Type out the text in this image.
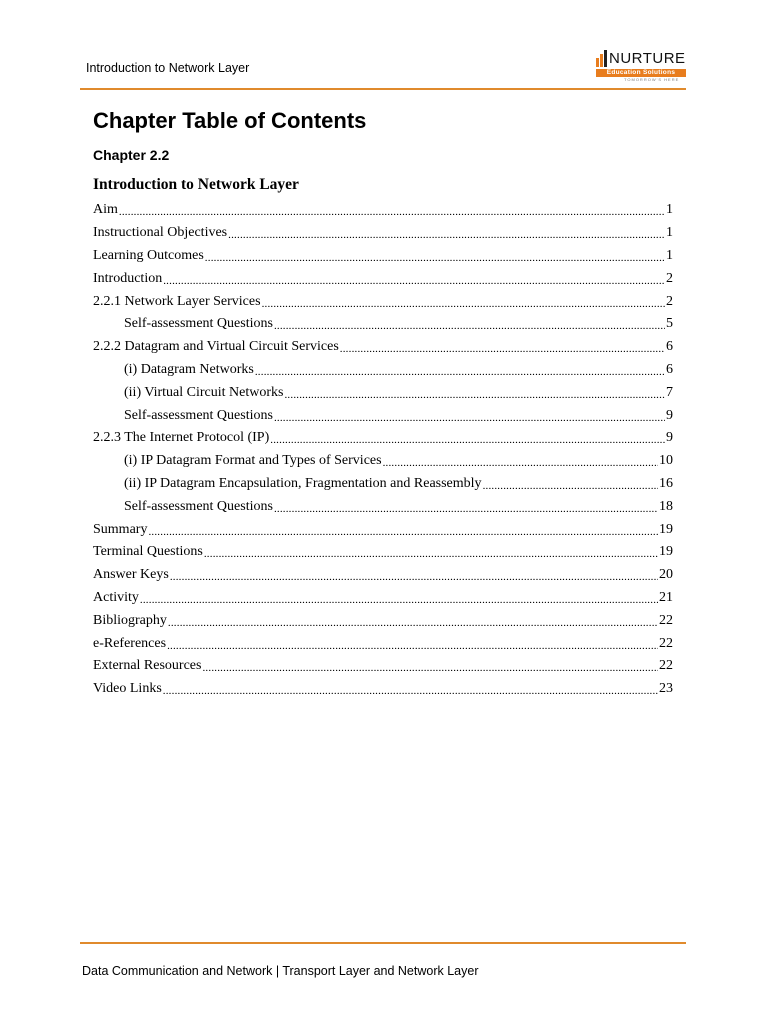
Introduction to Network Layer
NURTURE
Education Solutions
TOMORROW'S HERE
Chapter Table of Contents
Chapter 2.2
Introduction to Network Layer
Aim .....	1
Instructional Objectives .....	1
Learning Outcomes .....	1
Introduction .....	2
2.2.1 Network Layer Services .....	2
Self-assessment Questions .....	5
2.2.2 Datagram and Virtual Circuit Services .....	6
(i) Datagram Networks .....	6
(ii) Virtual Circuit Networks .....	7
Self-assessment Questions .....	9
2.2.3 The Internet Protocol (IP) .....	9
(i) IP Datagram Format and Types of Services .....	10
(ii) IP Datagram Encapsulation, Fragmentation and Reassembly .....	16
Self-assessment Questions .....	18
Summary .....	19
Terminal Questions .....	19
Answer Keys .....	20
Activity .....	21
Bibliography .....	22
e-References .....	22
External Resources .....	22
Video Links .....	23
Data Communication and Network | Transport Layer and Network Layer
